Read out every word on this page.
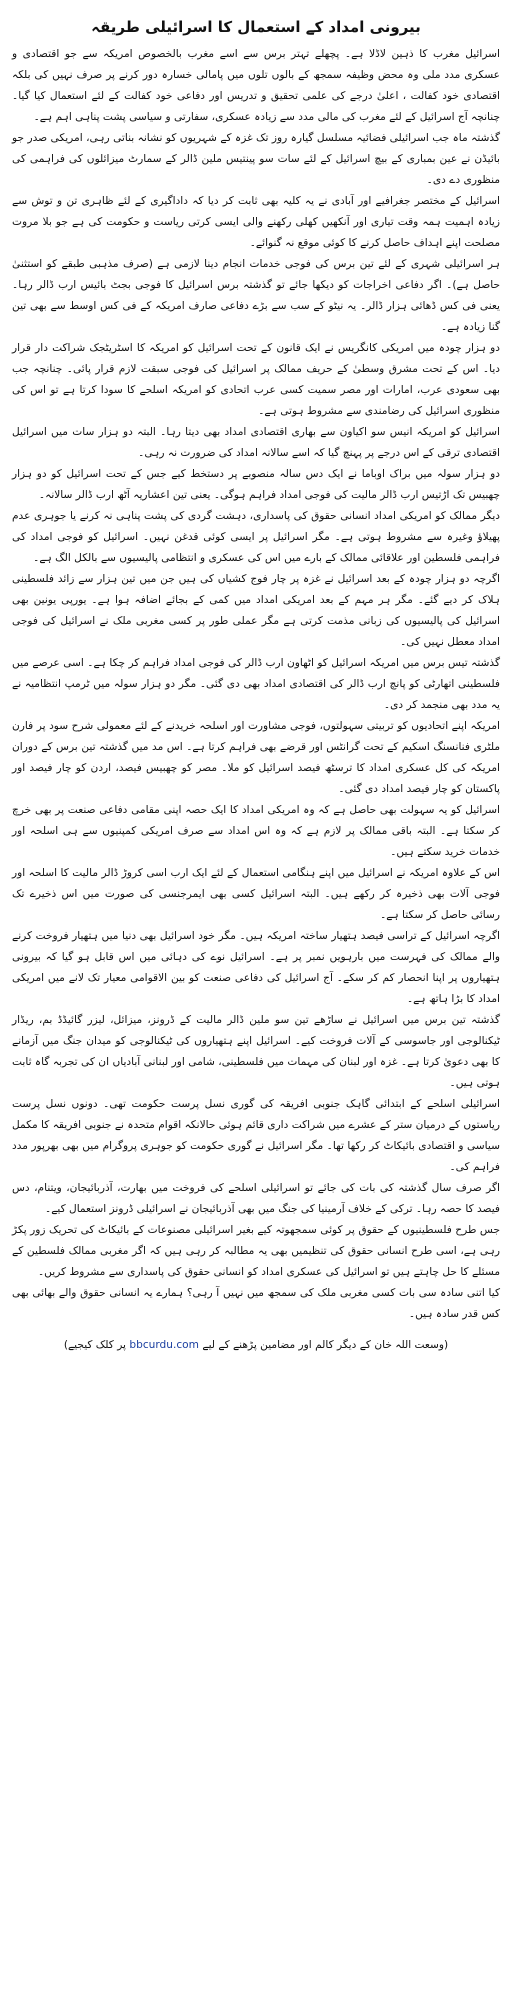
بیرونی امداد کے استعمال کا اسرائیلی طریقہ

اسرائیل مغرب کا ذہین لاڈلا ہے۔ پچھلے تہتر برس سے اسے مغرب بالخصوص امریکہ سے جو اقتصادی و عسکری مدد ملی وہ محض وظیفہ سمجھ کے بالوں تلوں میں پامالی خسارہ دور کرنے پر صرف نہیں کی بلکہ اقتصادی خود کفالت ، اعلیٰ درجے کی علمی تحقیق و تدریس اور دفاعی خود کفالت کے لئے استعمال کیا گیا۔ چنانچہ آج اسرائیل کے لئے مغرب کی مالی مدد سے زیادہ عسکری، سفارتی و سیاسی پشت پناہی اہم ہے۔

گذشتہ ماہ جب اسرائیلی فضائیہ مسلسل گیارہ روز تک غزہ کے شہریوں کو نشانہ بناتی رہی، امریکی صدر جو بائیڈن نے عین بمباری کے بیچ اسرائیل کے لئے سات سو پینتیس ملین ڈالر کے سمارٹ میزائلوں کی فراہمی کی منظوری دے دی۔

اسرائیل کے مختصر جغرافیے اور آبادی نے یہ کلیہ بھی ثابت کر دیا کہ داداگیری کے لئے ظاہری تن و توش سے زیادہ اہمیت ہمہ وقت تیاری اور آنکھیں کھلی رکھنے والی ایسی کرتی ریاست و حکومت کی ہے جو بلا مروت مصلحت اپنے اہداف حاصل کرنے کا کوئی موقع نہ گنوائے۔

ہر اسرائیلی شہری کے لئے تین برس کی فوجی خدمات انجام دینا لازمی ہے (صرف مذہبی طبقے کو استثنیٰ حاصل ہے)۔ اگر دفاعی اخراجات کو دیکھا جائے تو گذشتہ برس اسرائیل کا فوجی بجٹ بائیس ارب ڈالر رہا۔ یعنی فی کس ڈھائی ہزار ڈالر۔ یہ نیٹو کے سب سے بڑے دفاعی صارف امریکہ کے فی کس اوسط سے بھی تین گنا زیادہ ہے۔

دو ہزار چودہ میں امریکی کانگریس نے ایک قانون کے تحت اسرائیل کو امریکہ کا اسٹریٹجک شراکت دار قرار دیا۔ اس کے تحت مشرق وسطیٰ کے حریف ممالک پر اسرائیل کی فوجی سبقت لازم قرار پائی۔ چنانچہ جب بھی سعودی عرب، امارات اور مصر سمیت کسی عرب اتحادی کو امریکہ اسلحے کا سودا کرتا ہے تو اس کی منظوری اسرائیل کی رضامندی سے مشروط ہوتی ہے۔

اسرائیل کو امریکہ انیس سو اکیاون سے بھاری اقتصادی امداد بھی دیتا رہا۔ البتہ دو ہزار سات میں اسرائیل اقتصادی ترقی کے اس درجے پر پہنچ گیا کہ اسے سالانہ امداد کی ضرورت نہ رہی۔

دو ہزار سولہ میں براک اوباما نے ایک دس سالہ منصوبے پر دستخط کیے جس کے تحت اسرائیل کو دو ہزار چھبیس تک اڑتیس ارب ڈالر مالیت کی فوجی امداد فراہم ہوگی۔ یعنی تین اعشاریہ آٹھ ارب ڈالر سالانہ۔

دیگر ممالک کو امریکی امداد انسانی حقوق کی پاسداری، دہشت گردی کی پشت پناہی نہ کرنے یا جوہری عدم پھیلاؤ وغیرہ سے مشروط ہوتی ہے۔ مگر اسرائیل پر ایسی کوئی قدغن نہیں۔ اسرائیل کو فوجی امداد کی فراہمی فلسطین اور علاقائی ممالک کے بارے میں اس کی عسکری و انتظامی پالیسیوں سے بالکل الگ ہے۔

اگرچہ دو ہزار چودہ کے بعد اسرائیل نے غزہ پر چار فوج کشیاں کی ہیں جن میں تین ہزار سے زائد فلسطینی ہلاک کر دیے گئے۔ مگر ہر مہم کے بعد امریکی امداد میں کمی کے بجائے اضافہ ہوا ہے۔ یورپی یونین بھی اسرائیل کی پالیسیوں کی زبانی مذمت کرتی ہے مگر عملی طور پر کسی مغربی ملک نے اسرائیل کی فوجی امداد معطل نہیں کی۔

گذشتہ تیس برس میں امریکہ اسرائیل کو اٹھاون ارب ڈالر کی فوجی امداد فراہم کر چکا ہے۔ اسی عرصے میں فلسطینی اتھارٹی کو پانچ ارب ڈالر کی اقتصادی امداد بھی دی گئی۔ مگر دو ہزار سولہ میں ٹرمپ انتظامیہ نے یہ مدد بھی منجمد کر دی۔

امریکہ اپنے اتحادیوں کو تربیتی سہولتوں، فوجی مشاورت اور اسلحہ خریدنے کے لئے معمولی شرح سود پر فارن ملٹری فنانسنگ اسکیم کے تحت گرانٹس اور قرضے بھی فراہم کرتا ہے۔ اس مد میں گذشتہ تین برس کے دوران امریکہ کی کل عسکری امداد کا ترسٹھ فیصد اسرائیل کو ملا۔ مصر کو چھبیس فیصد، اردن کو چار فیصد اور پاکستان کو چار فیصد امداد دی گئی۔

اسرائیل کو یہ سہولت بھی حاصل ہے کہ وہ امریکی امداد کا ایک حصہ اپنی مقامی دفاعی صنعت پر بھی خرچ کر سکتا ہے۔ البتہ باقی ممالک پر لازم ہے کہ وہ اس امداد سے صرف امریکی کمپنیوں سے ہی اسلحہ اور خدمات خرید سکتے ہیں۔

اس کے علاوہ امریکہ نے اسرائیل میں اپنے ہنگامی استعمال کے لئے ایک ارب اسی کروڑ ڈالر مالیت کا اسلحہ اور فوجی آلات بھی ذخیرہ کر رکھے ہیں۔ البتہ اسرائیل کسی بھی ایمرجنسی کی صورت میں اس ذخیرے تک رسائی حاصل کر سکتا ہے۔

اگرچہ اسرائیل کے تراسی فیصد ہتھیار ساختہ امریکہ ہیں۔ مگر خود اسرائیل بھی دنیا میں ہتھیار فروخت کرنے والے ممالک کی فہرست میں بارہویں نمبر پر ہے۔ اسرائیل نوے کی دہائی میں اس قابل ہو گیا کہ بیرونی ہتھیاروں پر اپنا انحصار کم کر سکے۔ آج اسرائیل کی دفاعی صنعت کو بین الاقوامی معیار تک لانے میں امریکی امداد کا بڑا ہاتھ ہے۔

گذشتہ تین برس میں اسرائیل نے ساڑھے تین سو ملین ڈالر مالیت کے ڈرونز، میزائل، لیزر گائیڈڈ بم، ریڈار ٹیکنالوجی اور جاسوسی کے آلات فروخت کیے۔ اسرائیل اپنے ہتھیاروں کی ٹیکنالوجی کو میدان جنگ میں آزمانے کا بھی دعویٰ کرتا ہے۔ غزہ اور لبنان کی مہمات میں فلسطینی، شامی اور لبنانی آبادیاں ان کی تجربہ گاہ ثابت ہوتی ہیں۔

اسرائیلی اسلحے کے ابتدائی گاہک جنوبی افریقہ کی گوری نسل پرست حکومت تھی۔ دونوں نسل پرست ریاستوں کے درمیان ستر کے عشرے میں شراکت داری قائم ہوئی حالانکہ اقوام متحدہ نے جنوبی افریقہ کا مکمل سیاسی و اقتصادی بائیکاٹ کر رکھا تھا۔ مگر اسرائیل نے گوری حکومت کو جوہری پروگرام میں بھی بھرپور مدد فراہم کی۔

اگر صرف سال گذشتہ کی بات کی جائے تو اسرائیلی اسلحے کی فروخت میں بھارت، آذربائیجان، ویتنام، دس فیصد کا حصہ رہا۔ ترکی کے خلاف آرمینیا کی جنگ میں بھی آذربائیجان نے اسرائیلی ڈرونز استعمال کیے۔

جس طرح فلسطینیوں کے حقوق پر کوئی سمجھوتہ کیے بغیر اسرائیلی مصنوعات کے بائیکاٹ کی تحریک زور پکڑ رہی ہے، اسی طرح انسانی حقوق کی تنظیمیں بھی یہ مطالبہ کر رہی ہیں کہ اگر مغربی ممالک فلسطین کے مسئلے کا حل چاہتے ہیں تو اسرائیل کی عسکری امداد کو انسانی حقوق کی پاسداری سے مشروط کریں۔

کیا اتنی سادہ سی بات کسی مغربی ملک کی سمجھ میں نہیں آ رہی؟ ہمارے یہ انسانی حقوق والے بھائی بھی کس قدر سادہ ہیں۔

(وسعت اللہ خان کے دیگر کالم اور مضامین پڑھنے کے لیے bbcurdu.com پر کلک کیجیے)
